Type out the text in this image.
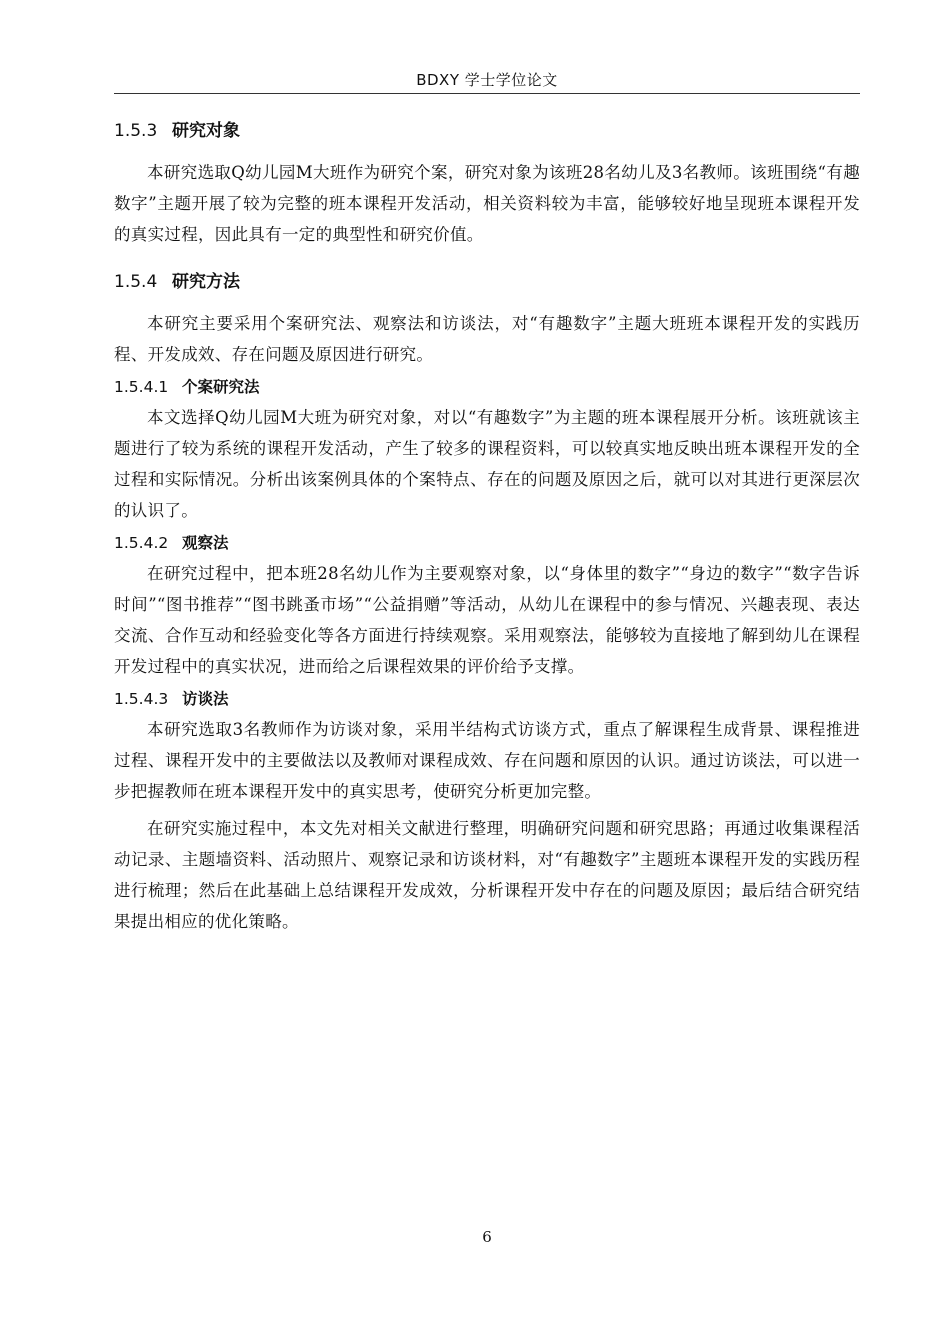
BDXY 学士学位论文
1.5.3 研究对象

本研究选取Q幼儿园M大班作为研究个案，研究对象为该班28名幼儿及3名教师。该班围绕“有趣数字”主题开展了较为完整的班本课程开发活动，相关资料较为丰富，能够较好地呈现班本课程开发的真实过程，因此具有一定的典型性和研究价值。

1.5.4 研究方法

本研究主要采用个案研究法、观察法和访谈法，对“有趣数字”主题大班班本课程开发的实践历程、开发成效、存在问题及原因进行研究。

1.5.4.1 个案研究法

本文选择Q幼儿园M大班为研究对象，对以“有趣数字”为主题的班本课程展开分析。该班就该主题进行了较为系统的课程开发活动，产生了较多的课程资料，可以较真实地反映出班本课程开发的全过程和实际情况。分析出该案例具体的个案特点、存在的问题及原因之后，就可以对其进行更深层次的认识了。

1.5.4.2 观察法

在研究过程中，把本班28名幼儿作为主要观察对象，以“身体里的数字”“身边的数字”“数字告诉时间”“图书推荐”“图书跳蚤市场”“公益捐赠”等活动，从幼儿在课程中的参与情况、兴趣表现、表达交流、合作互动和经验变化等各方面进行持续观察。采用观察法，能够较为直接地了解到幼儿在课程开发过程中的真实状况，进而给之后课程效果的评价给予支撑。

1.5.4.3 访谈法

本研究选取3名教师作为访谈对象，采用半结构式访谈方式，重点了解课程生成背景、课程推进过程、课程开发中的主要做法以及教师对课程成效、存在问题和原因的认识。通过访谈法，可以进一步把握教师在班本课程开发中的真实思考，使研究分析更加完整。

在研究实施过程中，本文先对相关文献进行整理，明确研究问题和研究思路；再通过收集课程活动记录、主题墙资料、活动照片、观察记录和访谈材料，对“有趣数字”主题班本课程开发的实践历程进行梳理；然后在此基础上总结课程开发成效，分析课程开发中存在的问题及原因；最后结合研究结果提出相应的优化策略。

6
